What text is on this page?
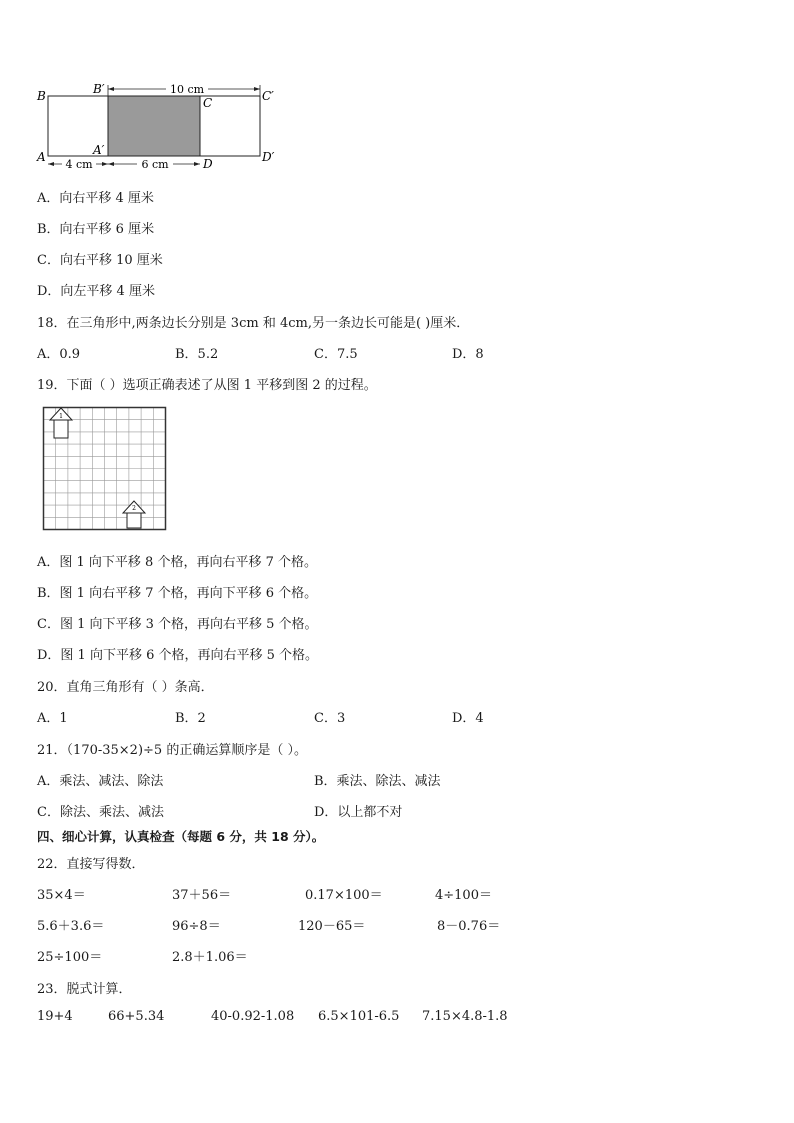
10 cm
4 cm	6 cm
B	B′
C	C′
A	A′
D	D′
A．向右平移 4 厘米
B．向右平移 6 厘米
C．向右平移 10 厘米
D．向左平移 4 厘米
18．在三角形中,两条边长分别是 3cm 和 4cm,另一条边长可能是( )厘米．
A．0.9	B．5.2	C．7.5	D．8
19．下面（ ）选项正确表述了从图 1 平移到图 2 的过程。
1
2
A．图 1 向下平移 8 个格，再向右平移 7 个格。
B．图 1 向右平移 7 个格，再向下平移 6 个格。
C．图 1 向下平移 3 个格，再向右平移 5 个格。
D．图 1 向下平移 6 个格，再向右平移 5 个格。
20．直角三角形有（ ）条高．
A．1	B．2	C．3	D．4
21．（170-35×2)÷5 的正确运算顺序是（ ）。
A．乘法、减法、除法	B．乘法、除法、减法
C．除法、乘法、减法	D．以上都不对
四、细心计算，认真检查（每题 6 分，共 18 分）。
22．直接写得数．
35×4＝	37＋56＝	0.17×100＝	4÷100＝
5.6＋3.6＝	96÷8＝	120－65＝	8－0.76＝
25÷100＝	2.8＋1.06＝
23．脱式计算．
19+4	66+5.34	40-0.92-1.08 6.5×101-6.5 7.15×4.8-1.8
